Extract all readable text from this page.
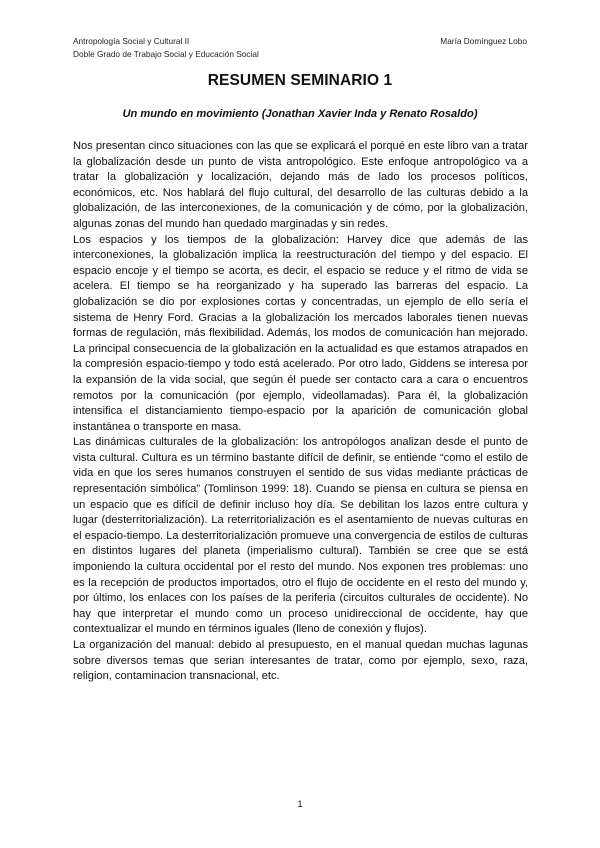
Antropología Social y Cultural II
Doble Grado de Trabajo Social y Educación Social
María Domínguez Lobo
RESUMEN SEMINARIO 1
Un mundo en movimiento (Jonathan Xavier Inda y Renato Rosaldo)

Nos presentan cinco situaciones con las que se explicará el porqué en este libro van a tratar la globalización desde un punto de vista antropológico. Este enfoque antropológico va a tratar la globalización y localización, dejando más de lado los procesos políticos, económicos, etc. Nos hablará del flujo cultural, del desarrollo de las culturas debido a la globalización, de las interconexiones, de la comunicación y de cómo, por la globalización, algunas zonas del mundo han quedado marginadas y sin redes.

Los espacios y los tiempos de la globalización: Harvey dice que además de las interconexiones, la globalización implica la reestructuración del tiempo y del espacio. El espacio encoje y el tiempo se acorta, es decir, el espacio se reduce y el ritmo de vida se acelera. El tiempo se ha reorganizado y ha superado las barreras del espacio. La globalización se dio por explosiones cortas y concentradas, un ejemplo de ello sería el sistema de Henry Ford. Gracias a la globalización los mercados laborales tienen nuevas formas de regulación, más flexibilidad. Además, los modos de comunicación han mejorado. La principal consecuencia de la globalización en la actualidad es que estamos atrapados en la compresión espacio-tiempo y todo está acelerado. Por otro lado, Giddens se interesa por la expansión de la vida social, que según él puede ser contacto cara a cara o encuentros remotos por la comunicación (por ejemplo, videollamadas). Para él, la globalización intensifica el distanciamiento tiempo-espacio por la aparición de comunicación global instantánea o transporte en masa.

Las dinámicas culturales de la globalización: los antropólogos analizan desde el punto de vista cultural. Cultura es un término bastante difícil de definir, se entiende “como el estilo de vida en que los seres humanos construyen el sentido de sus vidas mediante prácticas de representación simbólica” (Tomlinson 1999: 18). Cuando se piensa en cultura se piensa en un espacio que es difícil de definir incluso hoy día. Se debilitan los lazos entre cultura y lugar (desterritorialización). La reterritorialización es el asentamiento de nuevas culturas en el espacio-tiempo. La desterritorialización promueve una convergencia de estilos de culturas en distintos lugares del planeta (imperialismo cultural). También se cree que se está imponiendo la cultura occidental por el resto del mundo. Nos exponen tres problemas: uno es la recepción de productos importados, otro el flujo de occidente en el resto del mundo y, por último, los enlaces con los países de la periferia (circuitos culturales de occidente). No hay que interpretar el mundo como un proceso unidireccional de occidente, hay que contextualizar el mundo en términos iguales (lleno de conexión y flujos).

La organización del manual: debido al presupuesto, en el manual quedan muchas lagunas sobre diversos temas que serian interesantes de tratar, como por ejemplo, sexo, raza, religion, contaminacion transnacional, etc.

1
